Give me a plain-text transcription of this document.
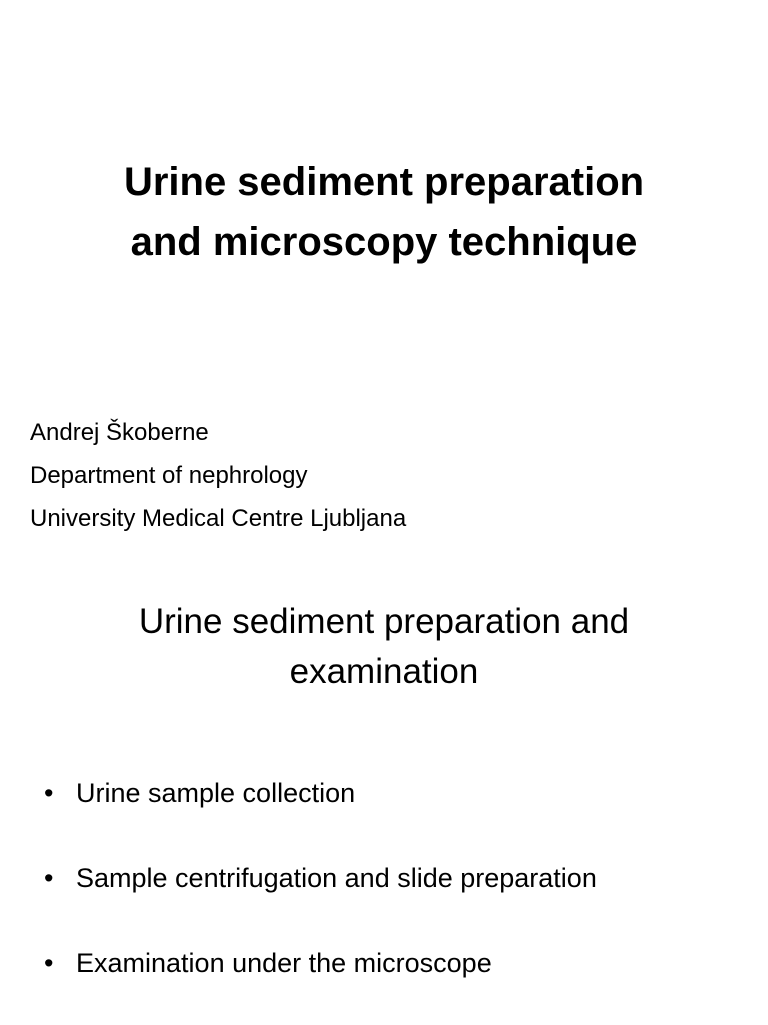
Urine sediment preparation
and microscopy technique
Andrej Škoberne
Department of nephrology
University Medical Centre Ljubljana
Urine sediment preparation and
examination
• Urine sample collection
• Sample centrifugation and slide preparation
• Examination under the microscope
